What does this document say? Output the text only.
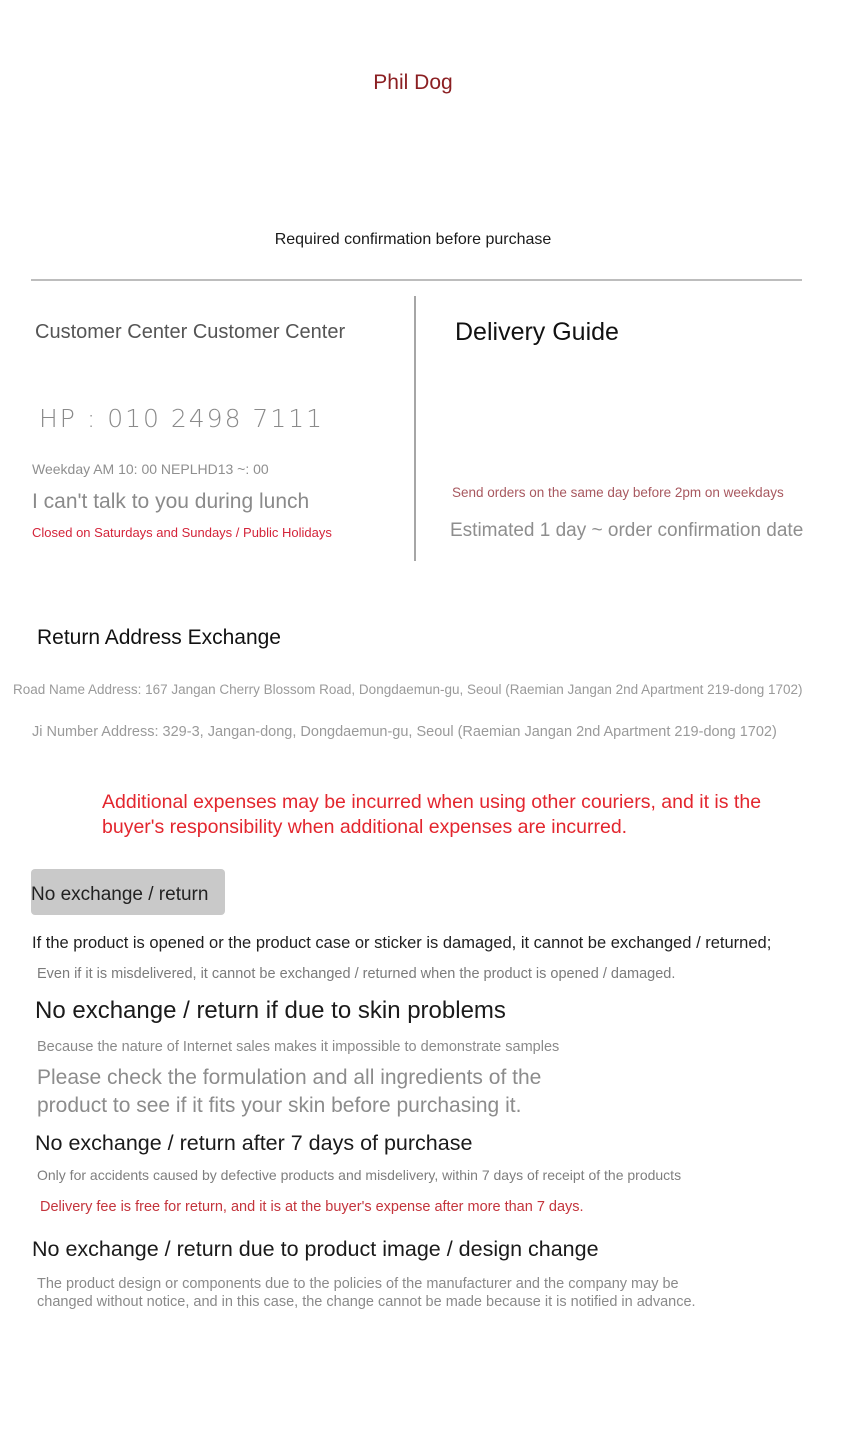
Phil Dog
Required confirmation before purchase
Customer Center Customer Center
HP : 010 2498 7111
Weekday AM 10: 00 NEPLHD13 ~: 00
I can't talk to you during lunch
Closed on Saturdays and Sundays / Public Holidays
Delivery Guide
Send orders on the same day before 2pm on weekdays
Estimated 1 day ~ order confirmation date
Return Address Exchange
Road Name Address: 167 Jangan Cherry Blossom Road, Dongdaemun-gu, Seoul (Raemian Jangan 2nd Apartment 219-dong 1702)
Ji Number Address: 329-3, Jangan-dong, Dongdaemun-gu, Seoul (Raemian Jangan 2nd Apartment 219-dong 1702)
Additional expenses may be incurred when using other couriers, and it is the buyer's responsibility when additional expenses are incurred.
No exchange / return
If the product is opened or the product case or sticker is damaged, it cannot be exchanged / returned;
Even if it is misdelivered, it cannot be exchanged / returned when the product is opened / damaged.
No exchange / return if due to skin problems
Because the nature of Internet sales makes it impossible to demonstrate samples
Please check the formulation and all ingredients of the product to see if it fits your skin before purchasing it.
No exchange / return after 7 days of purchase
Only for accidents caused by defective products and misdelivery, within 7 days of receipt of the products
Delivery fee is free for return, and it is at the buyer's expense after more than 7 days.
No exchange / return due to product image / design change
The product design or components due to the policies of the manufacturer and the company may be changed without notice, and in this case, the change cannot be made because it is notified in advance.
